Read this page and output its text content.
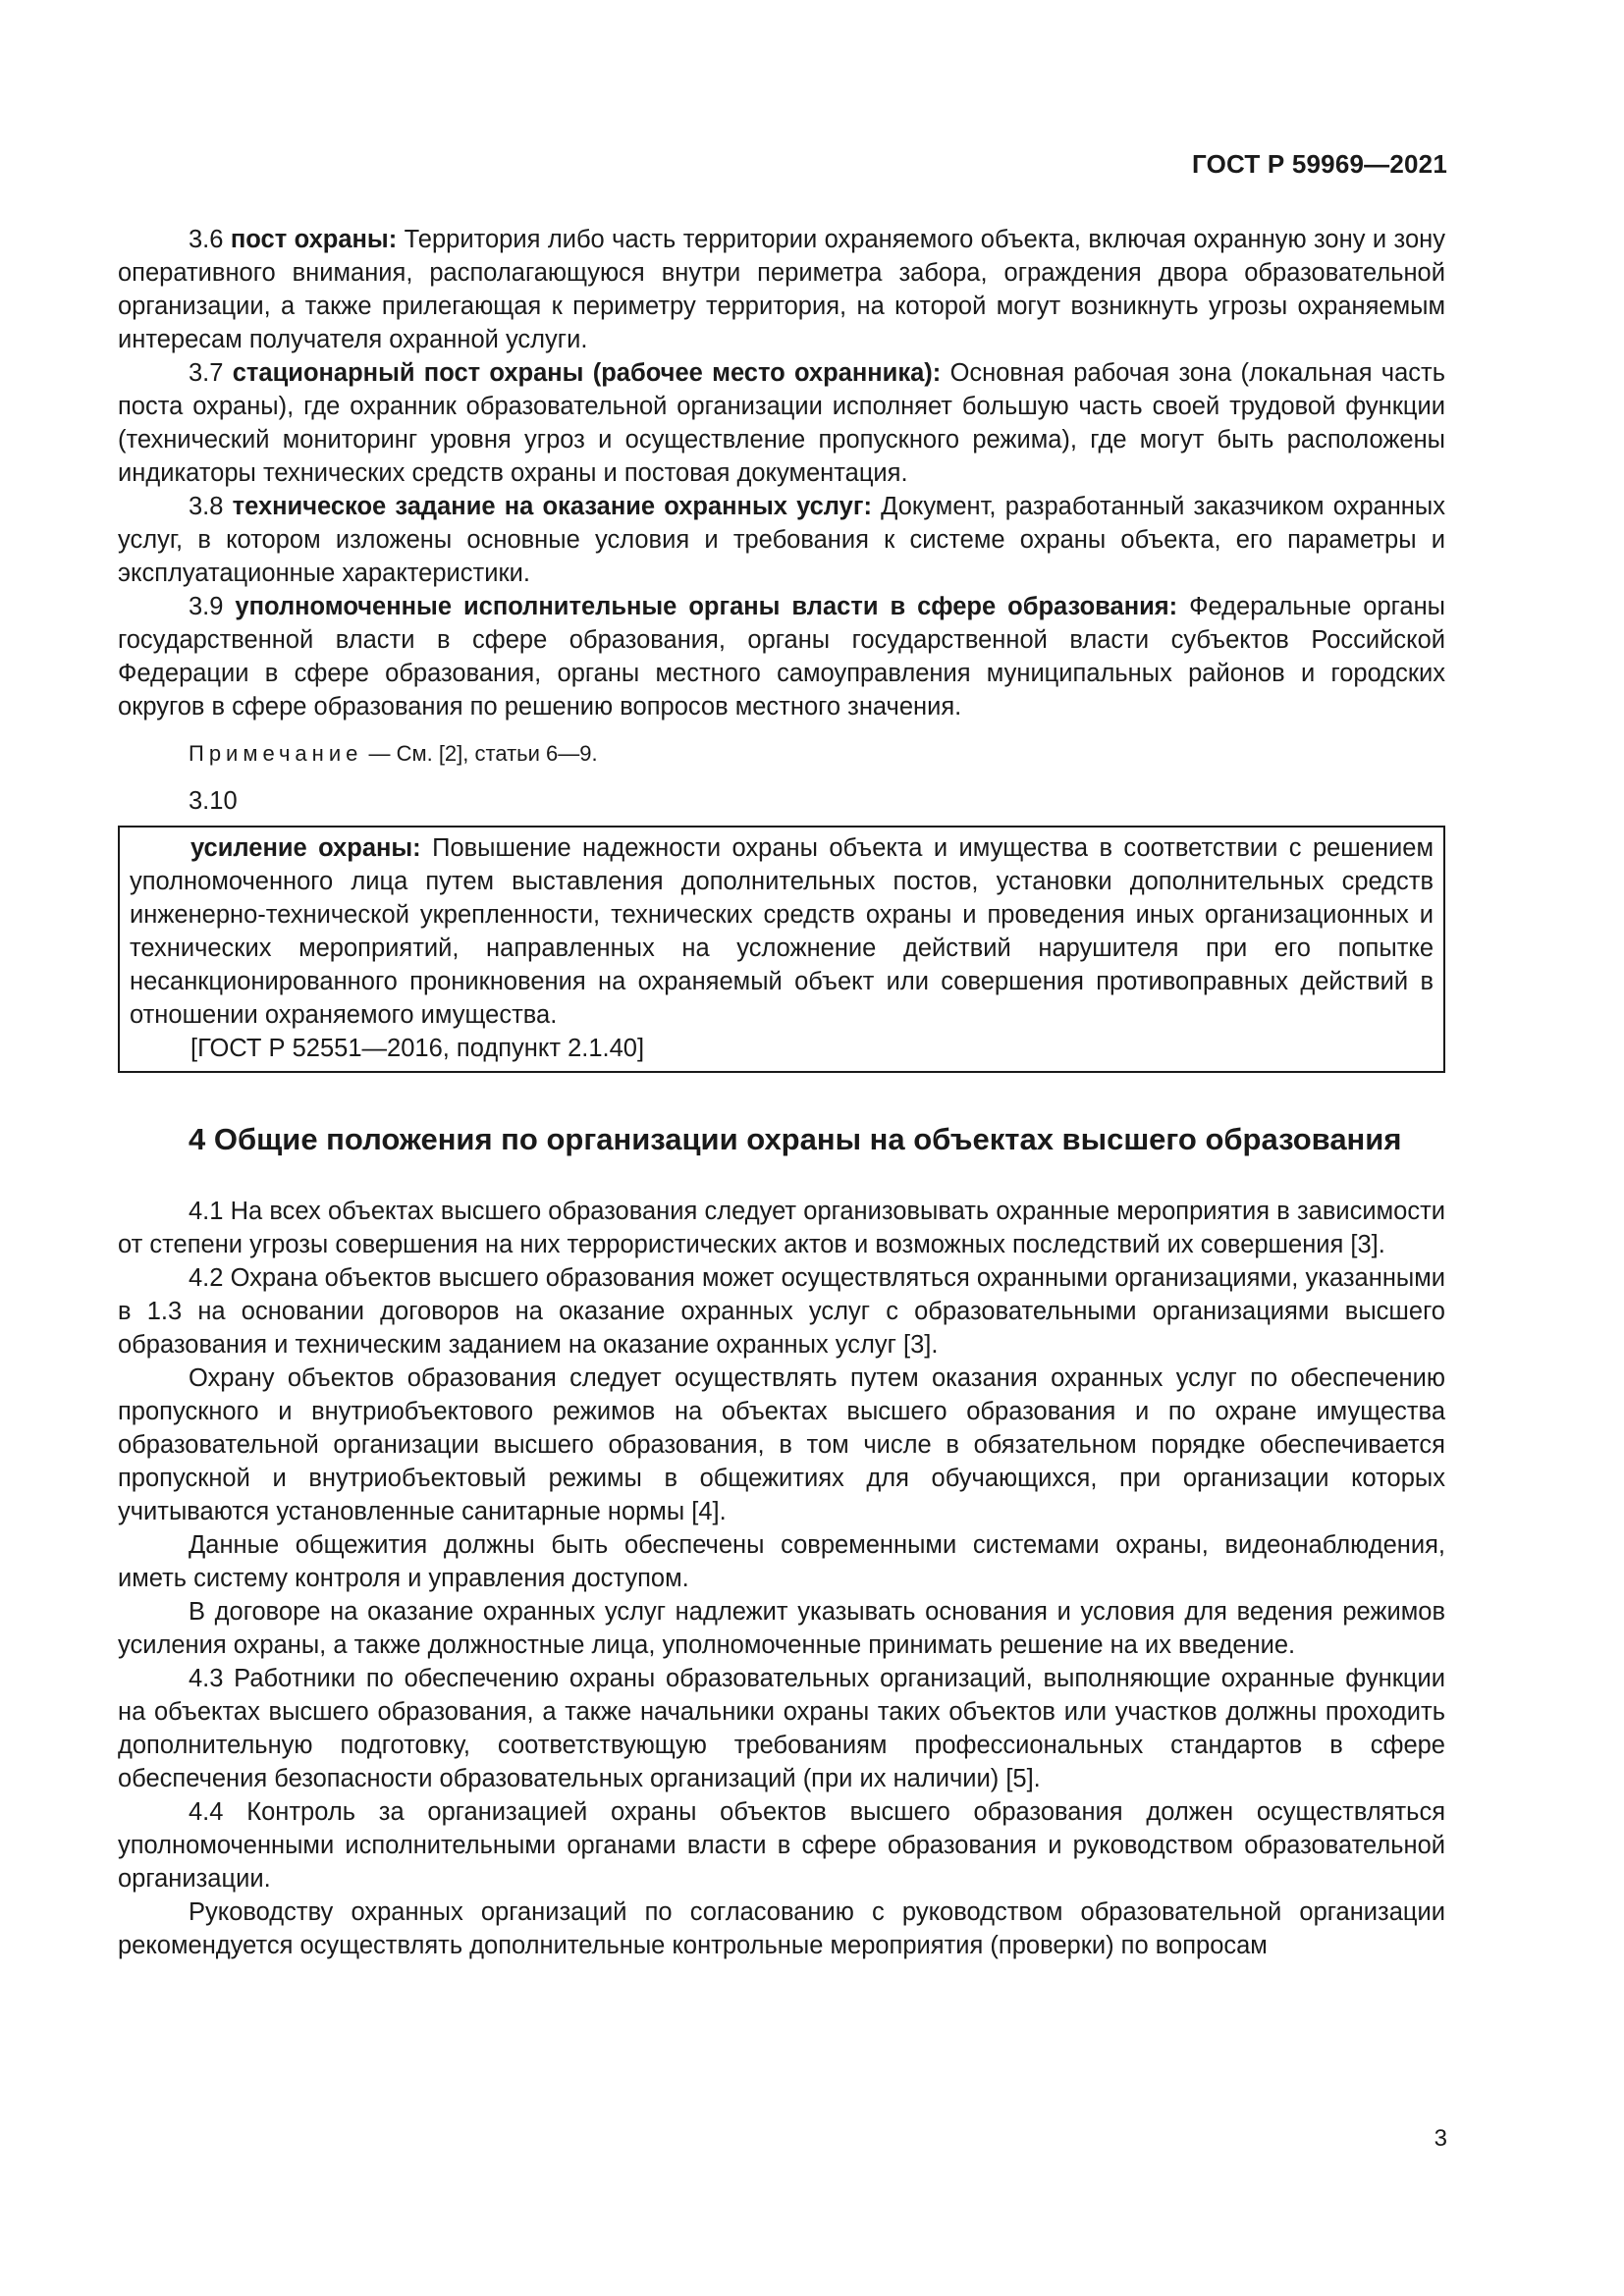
ГОСТ Р 59969—2021

3.6 пост охраны: Территория либо часть территории охраняемого объекта, включая охранную зону и зону оперативного внимания, располагающуюся внутри периметра забора, ограждения двора образовательной организации, а также прилегающая к периметру территория, на которой могут возникнуть угрозы охраняемым интересам получателя охранной услуги.

3.7 стационарный пост охраны (рабочее место охранника): Основная рабочая зона (локальная часть поста охраны), где охранник образовательной организации исполняет большую часть своей трудовой функции (технический мониторинг уровня угроз и осуществление пропускного режима), где могут быть расположены индикаторы технических средств охраны и постовая документация.

3.8 техническое задание на оказание охранных услуг: Документ, разработанный заказчиком охранных услуг, в котором изложены основные условия и требования к системе охраны объекта, его параметры и эксплуатационные характеристики.

3.9 уполномоченные исполнительные органы власти в сфере образования: Федеральные органы государственной власти в сфере образования, органы государственной власти субъектов Российской Федерации в сфере образования, органы местного самоуправления муниципальных районов и городских округов в сфере образования по решению вопросов местного значения.

Примечание — См. [2], статьи 6—9.

3.10

усиление охраны: Повышение надежности охраны объекта и имущества в соответствии с решением уполномоченного лица путем выставления дополнительных постов, установки дополнительных средств инженерно-технической укрепленности, технических средств охраны и проведения иных организационных и технических мероприятий, направленных на усложнение действий нарушителя при его попытке несанкционированного проникновения на охраняемый объект или совершения противоправных действий в отношении охраняемого имущества.

[ГОСТ Р 52551—2016, подпункт 2.1.40]

4 Общие положения по организации охраны на объектах высшего образования

4.1 На всех объектах высшего образования следует организовывать охранные мероприятия в зависимости от степени угрозы совершения на них террористических актов и возможных последствий их совершения [3].

4.2 Охрана объектов высшего образования может осуществляться охранными организациями, указанными в 1.3 на основании договоров на оказание охранных услуг с образовательными организациями высшего образования и техническим заданием на оказание охранных услуг [3].

Охрану объектов образования следует осуществлять путем оказания охранных услуг по обеспечению пропускного и внутриобъектового режимов на объектах высшего образования и по охране имущества образовательной организации высшего образования, в том числе в обязательном порядке обеспечивается пропускной и внутриобъектовый режимы в общежитиях для обучающихся, при организации которых учитываются установленные санитарные нормы [4].

Данные общежития должны быть обеспечены современными системами охраны, видеонаблюдения, иметь систему контроля и управления доступом.

В договоре на оказание охранных услуг надлежит указывать основания и условия для ведения режимов усиления охраны, а также должностные лица, уполномоченные принимать решение на их введение.

4.3 Работники по обеспечению охраны образовательных организаций, выполняющие охранные функции на объектах высшего образования, а также начальники охраны таких объектов или участков должны проходить дополнительную подготовку, соответствующую требованиям профессиональных стандартов в сфере обеспечения безопасности образовательных организаций (при их наличии) [5].

4.4 Контроль за организацией охраны объектов высшего образования должен осуществляться уполномоченными исполнительными органами власти в сфере образования и руководством образовательной организации.

Руководству охранных организаций по согласованию с руководством образовательной организации рекомендуется осуществлять дополнительные контрольные мероприятия (проверки) по вопросам

3
